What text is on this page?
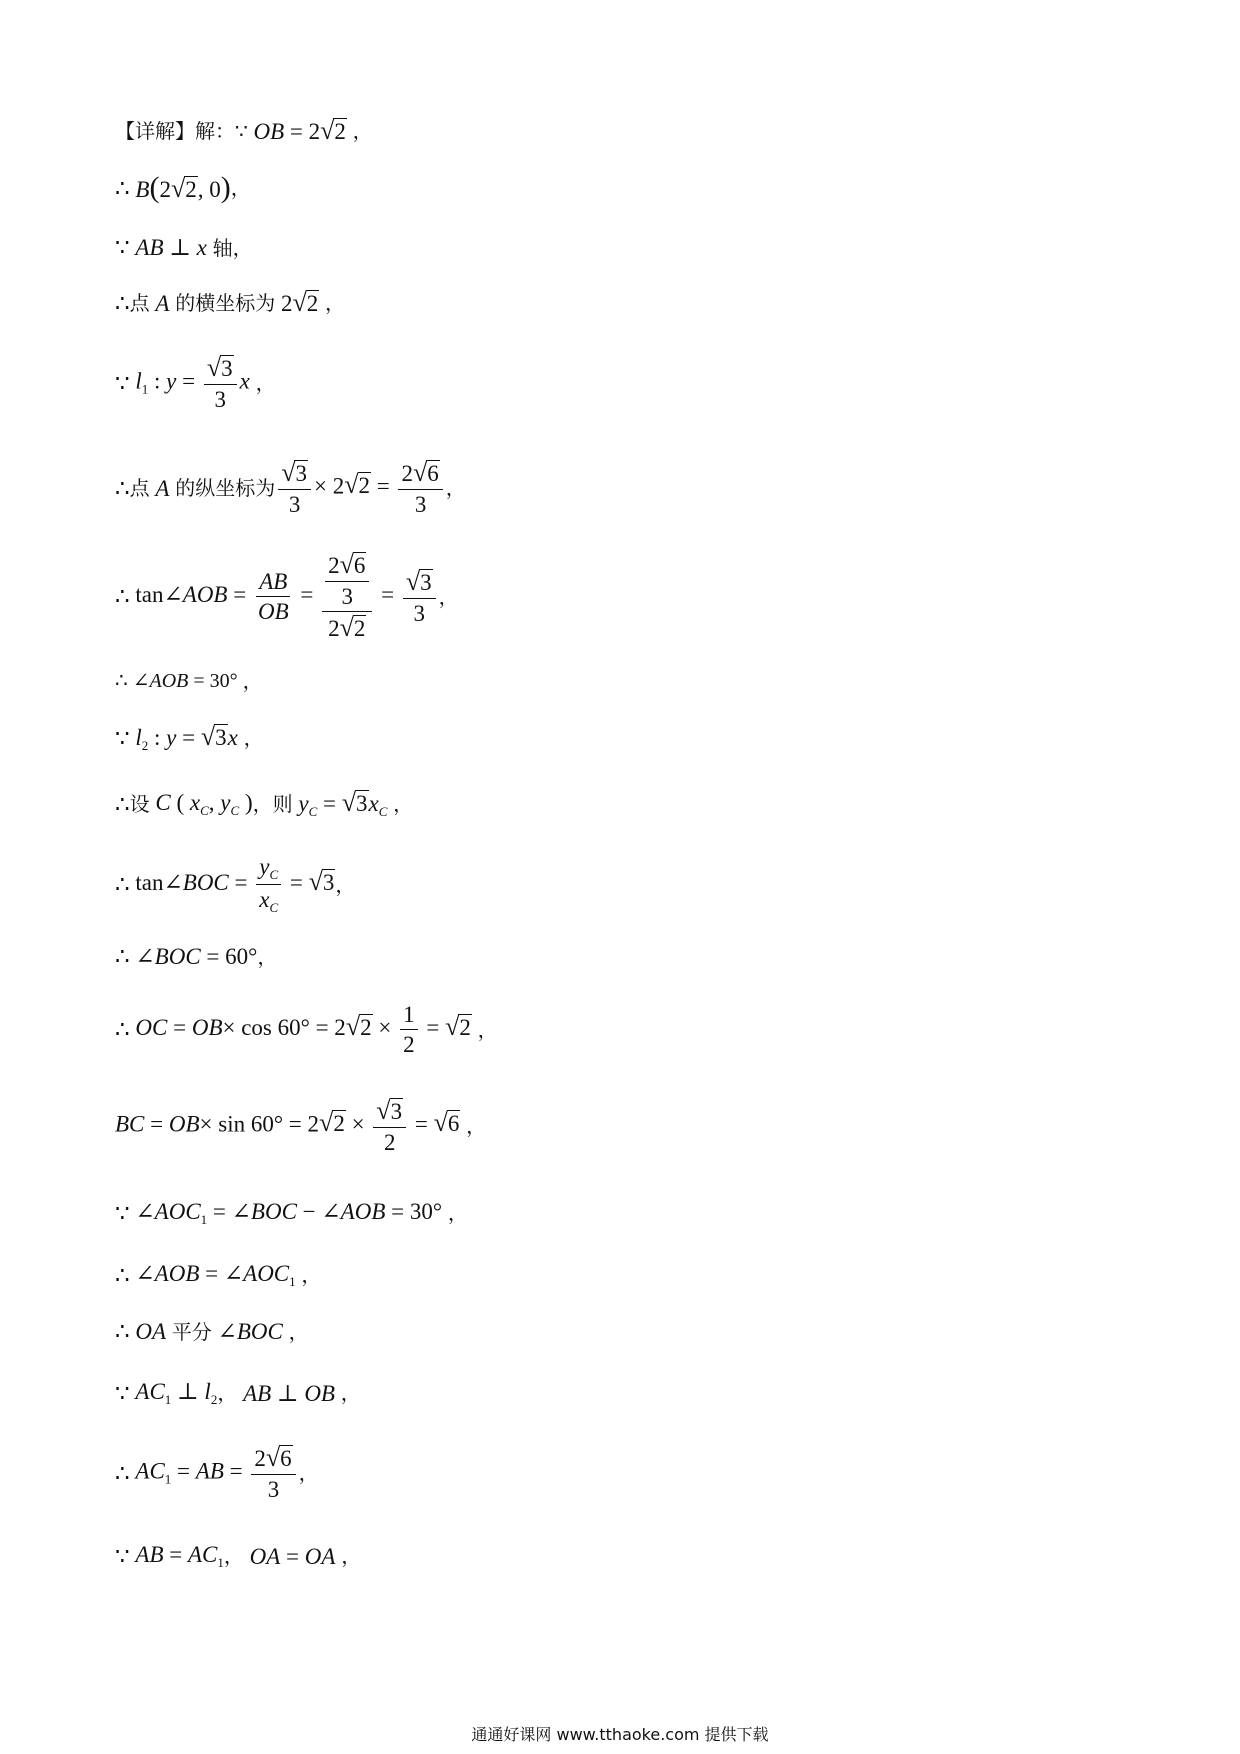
【详解】解：∵
OB = 2 √ 2
，
∴ B(2 √ 2 , 0) ，
∵ AB ⊥ x
轴，
∴ 点
A
的横坐标为
2 √ 2
，
∵ $l_1$ : $y = \frac{√ 3}{3}$ x
，
∴ 点
A
的纵坐标为 $\frac{√ 3}{3} \times 2$ √ $2 = \frac{2 √ 6}{3}$ ，
∴ tan∠AOB = $\frac{AB}{OB} = \frac{\frac{2 √ 6}{3}}{2 √ 2} = \frac{√ 3}{3}$ ，
∴ ∠AOB = 30°
，
∵ $l_2$ : y = √ 3 x
，
∴ 设
C ( $x_C$, $y_C$ ) ，则
$y_C$ = √ 3 $x_C$
，
∴ tan∠BOC = $\frac{y_C}{x_C}$ = √ 3 ，
∴ ∠BOC = 60° ，
∴ OC = OB× cos 60° = 2 √ $2 \times \frac{1}{2}$ = √ 2
，
BC = OB× sin 60° = 2 √ $2 \times \frac{√ 3}{2}$ = √ 6
，
∵ $\angle AOC_1$ = ∠BOC − ∠AOB = 30°
，
∴ ∠AOB = $\angle AOC_1$
，
∴ OA
平分
∠BOC
，
∵ $AC_1$ ⊥ $l_2$ ，
AB ⊥ OB
，
∴ $AC_1$ = AB = $\frac{2 √ 6}{3}$ ，
∵ AB = $AC_1$ ，
OA = OA
，
通通好课网 www.tthaoke.com 提供下载
